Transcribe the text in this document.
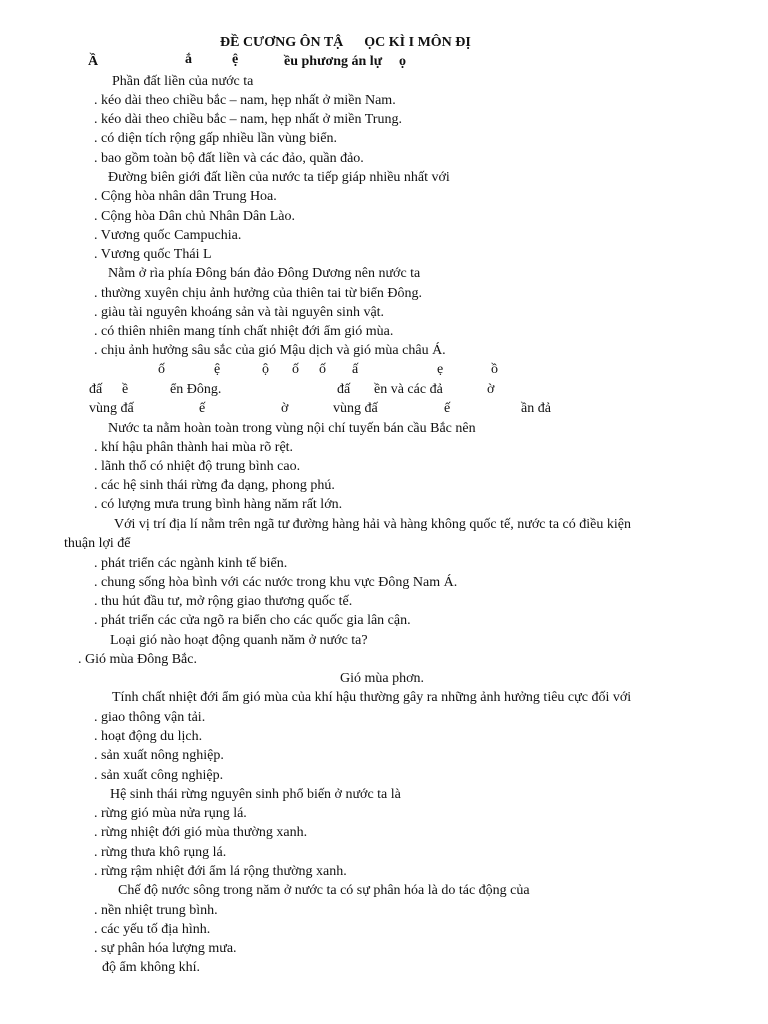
ĐỀ CƯƠNG ÔN TẬ      ỌC KÌ I MÔN ĐỊ
Ầ	ắ	ệ	ều phương án lự ọ
Phần đất liền của nước ta
. kéo dài theo chiều bắc – nam, hẹp nhất ở miền Nam.
. kéo dài theo chiều bắc – nam, hẹp nhất ở miền Trung.
. có diện tích rộng gấp nhiều lần vùng biển.
. bao gồm toàn bộ đất liền và các đảo, quần đảo.
Đường biên giới đất liền của nước ta tiếp giáp nhiều nhất với
. Cộng hòa nhân dân Trung Hoa.
. Cộng hòa Dân chủ Nhân Dân Lào.
. Vương quốc Campuchia.
. Vương quốc Thái L
Nằm ở rìa phía Đông bán đảo Đông Dương nên nước ta
. thường xuyên chịu ảnh hưởng của thiên tai từ biển Đông.
. giàu tài nguyên khoáng sản và tài nguyên sinh vật.
. có thiên nhiên mang tính chất nhiệt đới ẩm gió mùa.
. chịu ảnh hưởng sâu sắc của gió Mậu dịch và gió mùa châu Á.
ố	ệ	ộ ố ố ấ	ẹ	ồ
đấ ề	ển Đông.	đấ ền và các đả	ờ
vùng đấ	ế	ờ	vùng đấ	ế	ần đả
Nước ta nằm hoàn toàn trong vùng nội chí tuyến bán cầu Bắc nên
. khí hậu phân thành hai mùa rõ rệt.
. lãnh thổ có nhiệt độ trung bình cao.
. các hệ sinh thái rừng đa dạng, phong phú.
. có lượng mưa trung bình hàng năm rất lớn.
Với vị trí địa lí nằm trên ngã tư đường hàng hải và hàng không quốc tế, nước ta có điều kiện
thuận lợi để
. phát triển các ngành kinh tế biển.
. chung sống hòa bình với các nước trong khu vực Đông Nam Á.
. thu hút đầu tư, mở rộng giao thương quốc tế.
. phát triển các cửa ngõ ra biển cho các quốc gia lân cận.
Loại gió nào hoạt động quanh năm ở nước ta?
. Gió mùa Đông Bắc.
Gió mùa phơn.
Tính chất nhiệt đới ẩm gió mùa của khí hậu thường gây ra những ảnh hưởng tiêu cực đối với
. giao thông vận tải.
. hoạt động du lịch.
. sản xuất nông nghiệp.
. sản xuất công nghiệp.
Hệ sinh thái rừng nguyên sinh phổ biến ở nước ta là
. rừng gió mùa nửa rụng lá.
. rừng nhiệt đới gió mùa thường xanh.
. rừng thưa khô rụng lá.
. rừng rậm nhiệt đới ẩm lá rộng thường xanh.
Chế độ nước sông trong năm ở nước ta có sự phân hóa là do tác động của
. nền nhiệt trung bình.
. các yếu tố địa hình.
. sự phân hóa lượng mưa.
độ ẩm không khí.
